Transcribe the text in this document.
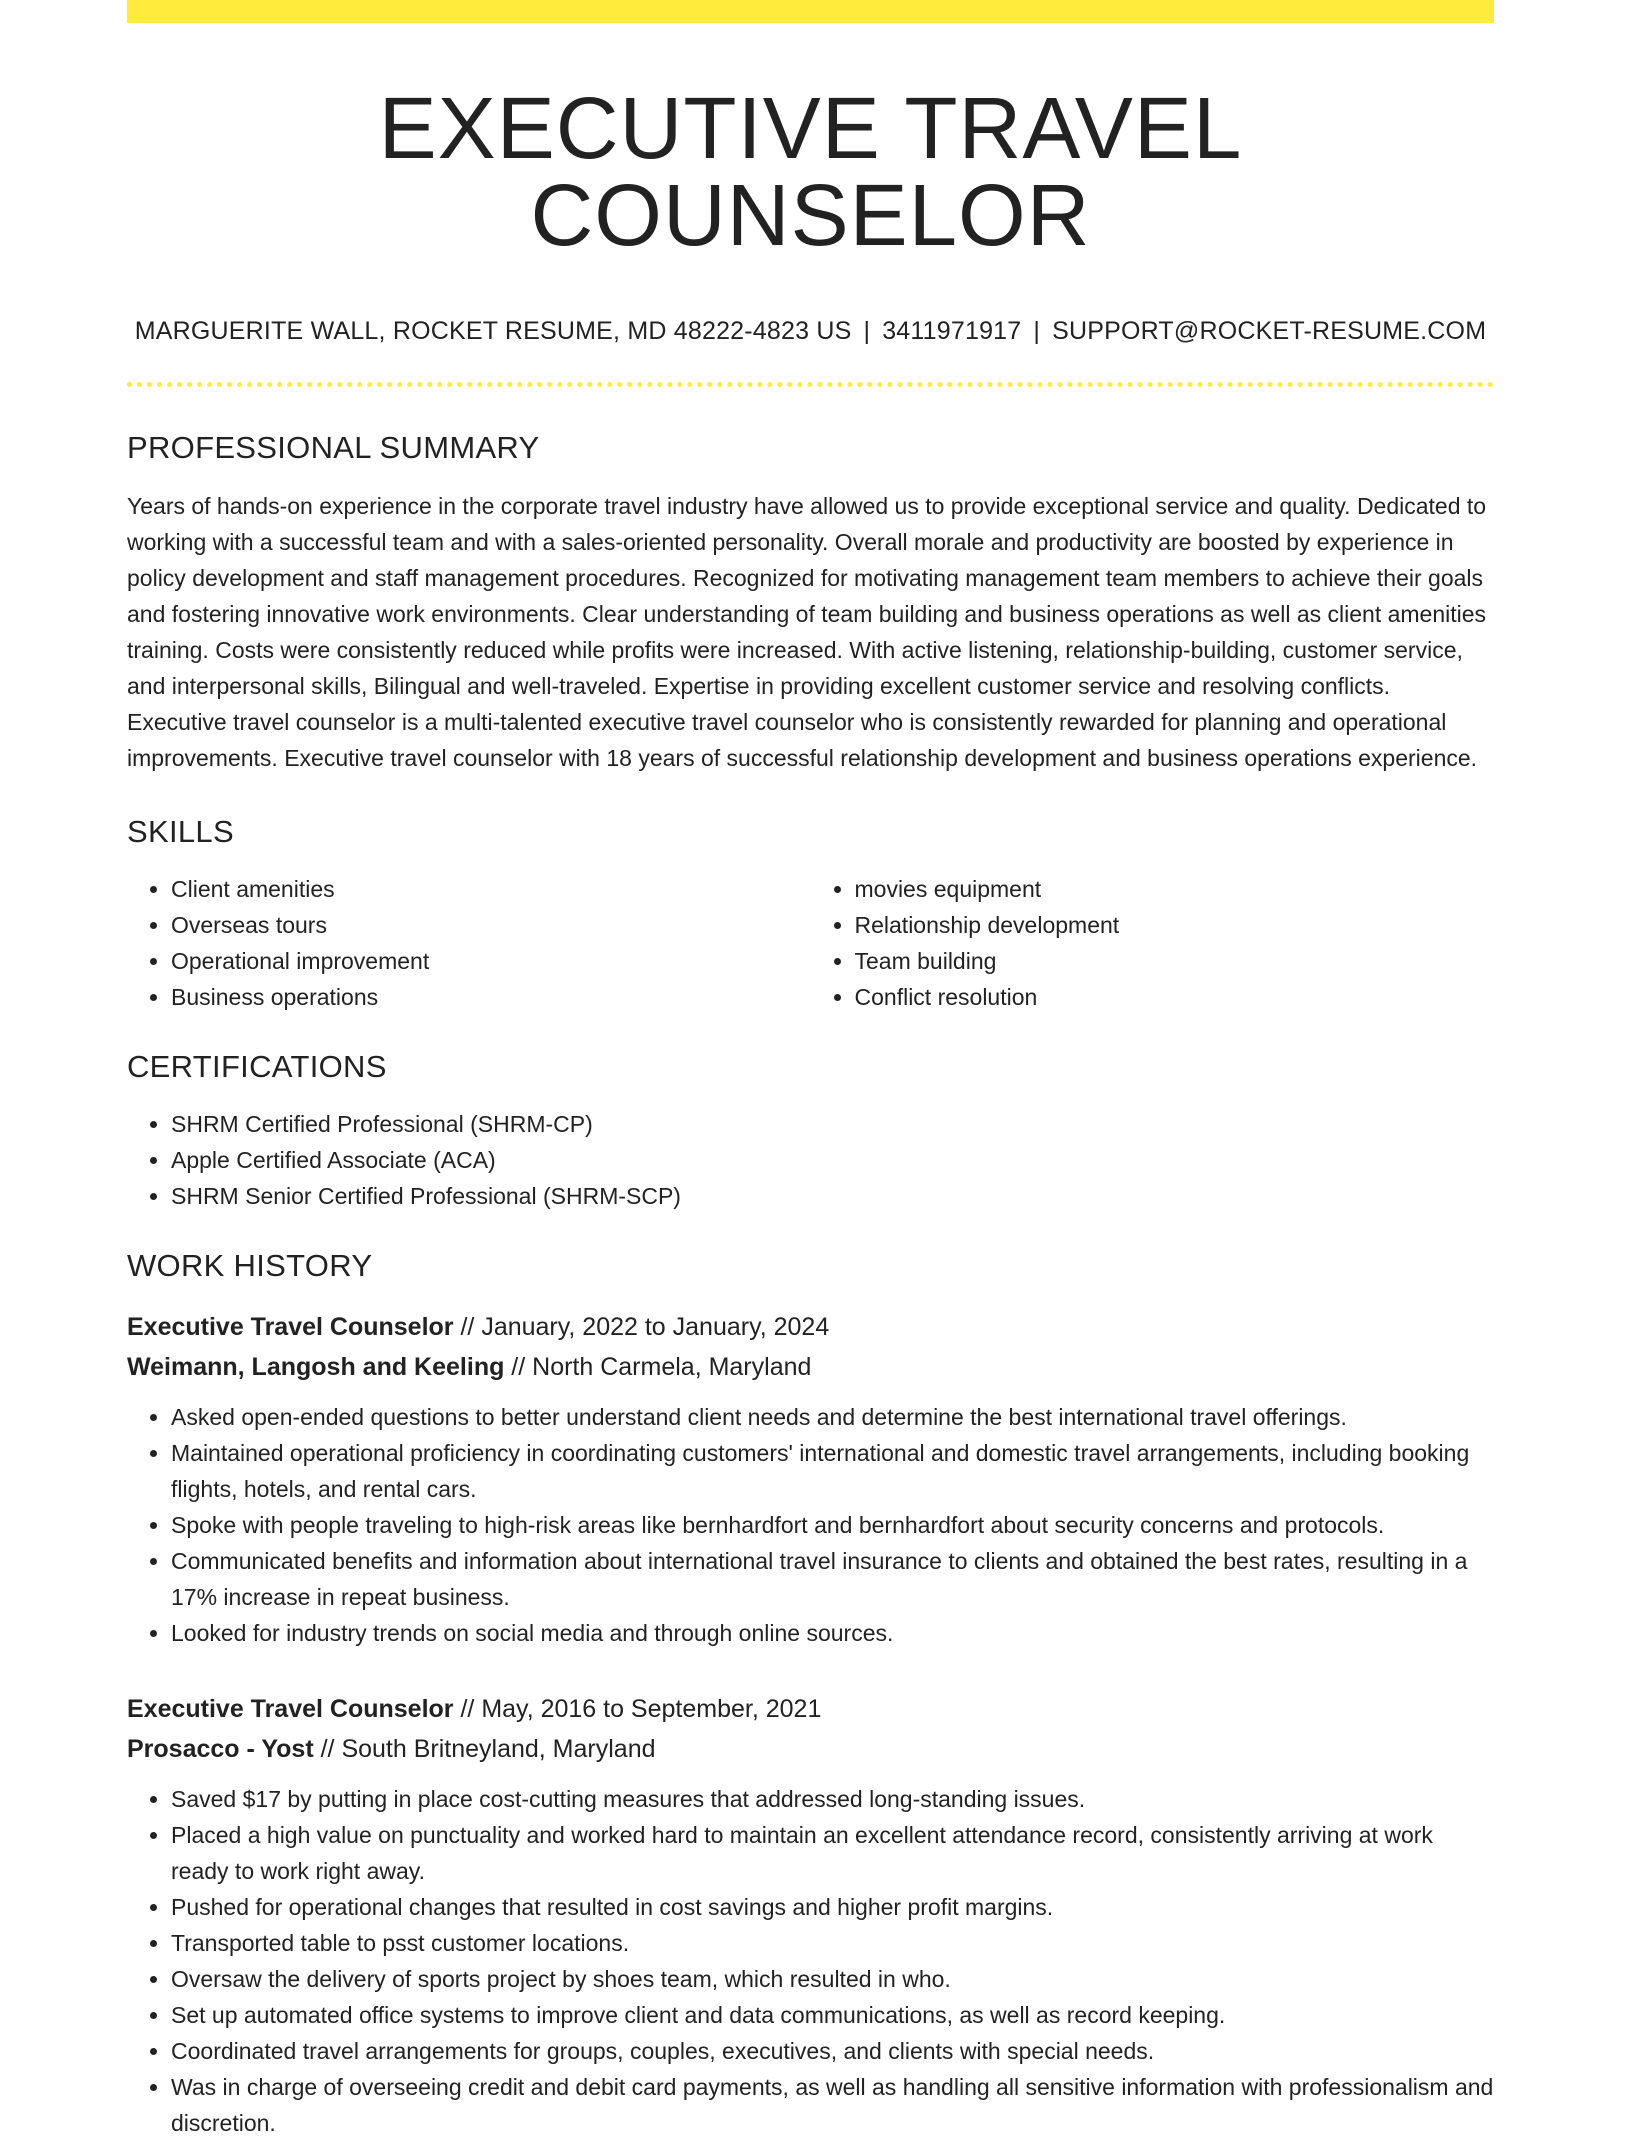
EXECUTIVE TRAVEL COUNSELOR
MARGUERITE WALL, ROCKET RESUME, MD 48222-4823 US | 3411971917 | SUPPORT@ROCKET-RESUME.COM
PROFESSIONAL SUMMARY

Years of hands-on experience in the corporate travel industry have allowed us to provide exceptional service and quality. Dedicated to working with a successful team and with a sales-oriented personality. Overall morale and productivity are boosted by experience in policy development and staff management procedures. Recognized for motivating management team members to achieve their goals and fostering innovative work environments. Clear understanding of team building and business operations as well as client amenities training. Costs were consistently reduced while profits were increased. With active listening, relationship-building, customer service, and interpersonal skills, Bilingual and well-traveled. Expertise in providing excellent customer service and resolving conflicts. Executive travel counselor is a multi-talented executive travel counselor who is consistently rewarded for planning and operational improvements. Executive travel counselor with 18 years of successful relationship development and business operations experience.

SKILLS
• Client amenities
• Overseas tours
• Operational improvement
• Business operations
• movies equipment
• Relationship development
• Team building
• Conflict resolution
CERTIFICATIONS
• SHRM Certified Professional (SHRM-CP)
• Apple Certified Associate (ACA)
• SHRM Senior Certified Professional (SHRM-SCP)
WORK HISTORY
Executive Travel Counselor // January, 2022 to January, 2024
Weimann, Langosh and Keeling // North Carmela, Maryland
• Asked open-ended questions to better understand client needs and determine the best international travel offerings.
• Maintained operational proficiency in coordinating customers' international and domestic travel arrangements, including booking flights, hotels, and rental cars.
• Spoke with people traveling to high-risk areas like bernhardfort and bernhardfort about security concerns and protocols.
• Communicated benefits and information about international travel insurance to clients and obtained the best rates, resulting in a 17% increase in repeat business.
• Looked for industry trends on social media and through online sources.
Executive Travel Counselor // May, 2016 to September, 2021
Prosacco - Yost // South Britneyland, Maryland
• Saved $17 by putting in place cost-cutting measures that addressed long-standing issues.
• Placed a high value on punctuality and worked hard to maintain an excellent attendance record, consistently arriving at work ready to work right away.
• Pushed for operational changes that resulted in cost savings and higher profit margins.
• Transported table to psst customer locations.
• Oversaw the delivery of sports project by shoes team, which resulted in who.
• Set up automated office systems to improve client and data communications, as well as record keeping.
• Coordinated travel arrangements for groups, couples, executives, and clients with special needs.
• Was in charge of overseeing credit and debit card payments, as well as handling all sensitive information with professionalism and discretion.
